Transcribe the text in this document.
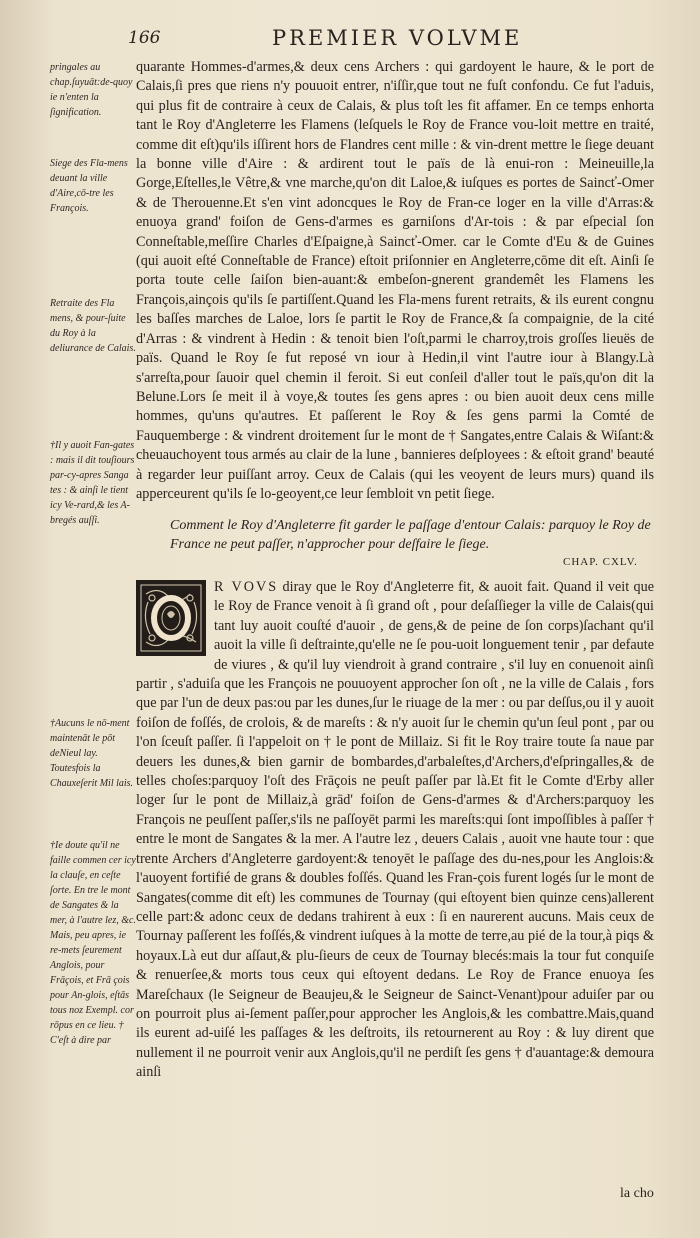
166	PREMIER VOLVME
pringales au chap.ſuyuāt:de-quoy ie n'enten la ſignification.
Siege des Fla-mens deuant la ville d'Aire,cō-tre les François.
Retraite des Fla mens, & pour-ſuite du Roy à la deliurance de Calais.
†Il y auoit Fan-gates : mais il dit touſiours par-cy-apres Sanga tes : & ainſi le tient icy Ve-rard,& les A-bregés auſſi.
†Aucuns le nō-ment maintenāt le pōt deNieul lay. Toutesfois la Chauxeſerit Mil lais.
†Ie doute qu'il ne faille commen cer icy la clauſe, en ceſte ſorte. En tre le mont de Sangates & la mer, à l'autre lez, &c. Mais, peu apres, ie re-mets ſeurement Anglois, pour Frāçois, et Frā çois pour An-glois, eſtās tous noz Exempl. cor rōpus en ce lieu. † C'eſt à dire par

quarante Hommes-d'armes,& deux cens Archers : qui gardoyent le haure, & le port de Calais,ſi pres que riens n'y pouuoit entrer, n'iſſir,que tout ne fuſt confondu. Ce fut l'aduis, qui plus fit de contraire à ceux de Calais, & plus toſt les fit affamer. En ce temps enhorta tant le Roy d'Angleterre les Flamens (leſquels le Roy de France vou-loit mettre en traité, comme dit eſt)qu'ils iſſirent hors de Flandres cent mille : & vin-drent mettre le ſiege deuant la bonne ville d'Aire : & ardirent tout le païs de là enui-ron : Meineuille,la Gorge,Eſtelles,le Vêtre,& vne marche,qu'on dit Laloe,& iuſques es portes de Saincť-Omer & de Therouenne.Et s'en vint adoncques le Roy de Fran-ce loger en la ville d'Arras:& enuoya grand' foiſon de Gens-d'armes es garniſons d'Ar-tois : & par eſpecial ſon Conneſtable,meſſire Charles d'Eſpaigne,à Saincť-Omer. car le Comte d'Eu & de Guines (qui auoit eſté Conneſtable de France) eſtoit priſonnier en Angleterre,cōme dit eſt. Ainſi ſe porta toute celle ſaiſon bien-auant:& embeſon-gnerent grandemêt les Flamens les François,ainçois qu'ils ſe partiſſent.Quand les Fla-mens furent retraits, & ils eurent congnu les baſſes marches de Laloe, lors ſe partit le Roy de France,& ſa compaignie, de la cité d'Arras : & vindrent à Hedin : & tenoit bien l'oſt,parmi le charroy,trois groſſes lieuës de païs. Quand le Roy ſe fut reposé vn iour à Hedin,il vint l'autre iour à Blangy.Là s'arreſta,pour ſauoir quel chemin il feroit. Si eut conſeil d'aller tout le païs,qu'on dit la Belune.Lors ſe meit il à voye,& toutes ſes gens apres : ou bien auoit deux cens mille hommes, qu'uns qu'autres. Et paſſerent le Roy & ſes gens parmi la Comté de Fauquemberge : & vindrent droitement ſur le mont de † Sangates,entre Calais & Wiſant:& cheuauchoyent tous armés au clair de la lune , bannieres deſployees : & eſtoit grand' beauté à regarder leur puiſſant arroy. Ceux de Calais (qui les veoyent de leurs murs) quand ils apperceurent qu'ils ſe lo-geoyent,ce leur ſembloit vn petit ſiege.

Comment le Roy d'Angleterre fit garder le paſſage d'entour Calais: parquoy le Roy de France ne peut paſſer, n'approcher pour deſfaire le ſiege.
CHAP. CXLV.

R VOVS diray que le Roy d'Angleterre fit, & auoit fait. Quand il veit que le Roy de France venoit à ſi grand oſt , pour deſaſſieger la ville de Calais(qui tant luy auoit couſté d'auoir , de gens,& de peine de ſon corps)ſachant qu'il auoit la ville ſi deſtrainte,qu'elle ne ſe pou-uoit longuement tenir , par defaute de viures , & qu'il luy viendroit à grand contraire , s'il luy en conuenoit ainſi partir , s'aduiſa que les François ne pouuoyent approcher ſon oſt , ne la ville de Calais , fors que par l'un de deux pas:ou par les dunes,ſur le riuage de la mer : ou par deſſus,ou il y auoit foiſon de foſſés, de crolois, & de mareſts : & n'y auoit ſur le chemin qu'un ſeul pont , par ou l'on ſceuſt paſſer. ſi l'appeloit on † le pont de Millaiz. Si fit le Roy traire toute ſa naue par deuers les dunes,& bien garnir de bombardes,d'arbaleſtes,d'Archers,d'eſpringalles,& de telles choſes:parquoy l'oſt des Frāçois ne peuſt paſſer par là.Et fit le Comte d'Erby aller loger ſur le pont de Millaiz,à grād' foiſon de Gens-d'armes & d'Archers:parquoy les François ne peuſſent paſſer,s'ils ne paſſoyēt parmi les mareſts:qui ſont impoſſibles à paſſer † entre le mont de Sangates & la mer. A l'autre lez , deuers Calais , auoit vne haute tour : que trente Archers d'Angleterre gardoyent:& tenoyēt le paſſage des du-nes,pour les Anglois:& l'auoyent fortifié de grans & doubles foſſés. Quand les Fran-çois furent logés ſur le mont de Sangates(comme dit eſt) les communes de Tournay (qui eſtoyent bien quinze cens)allerent celle part:& adonc ceux de dedans trahirent à eux : ſi en naurerent aucuns. Mais ceux de Tournay paſſerent les foſſés,& vindrent iuſques à la motte de terre,au pié de la tour,à piqs & hoyaux.Là eut dur aſſaut,& plu-ſieurs de ceux de Tournay blecés:mais la tour fut conquiſe & renuerſee,& morts tous ceux qui eſtoyent dedans. Le Roy de France enuoya ſes Mareſchaux (le Seigneur de Beaujeu,& le Seigneur de Sainct-Venant)pour aduiſer par ou on pourroit plus ai-ſement paſſer,pour approcher les Anglois,& les combattre.Mais,quand ils eurent ad-uiſé les paſſages & les deſtroits, ils retournerent au Roy : & luy dirent que nullement il ne pourroit venir aux Anglois,qu'il ne perdiſt ſes gens † d'auantage:& demoura ainſi

la cho
